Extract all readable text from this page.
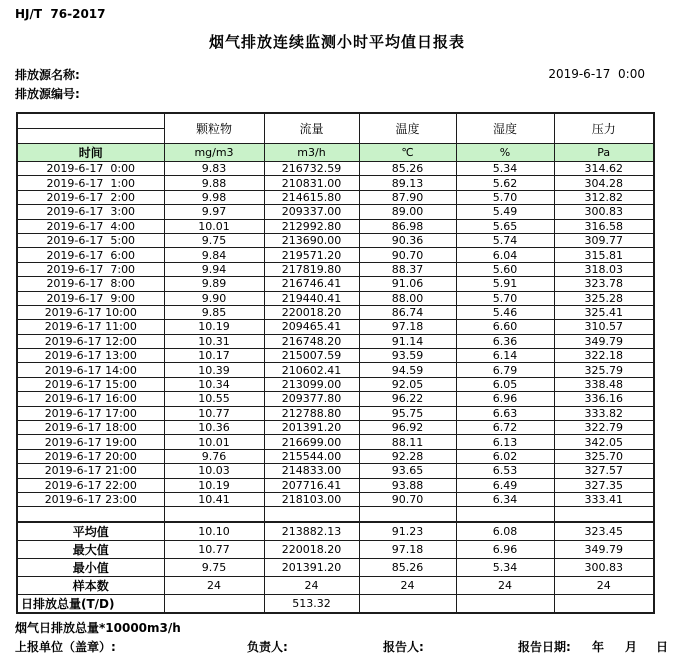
HJ/T  76-2017
烟气排放连续监测小时平均值日报表
排放源名称:
排放源编号:
2019-6-17  0:00
	颗粒物	流量	温度	湿度	压力

时间	mg/m3	m3/h	℃	%	Pa
2019-6-17  0:00	9.83	216732.59	85.26	5.34	314.62
2019-6-17  1:00	9.88	210831.00	89.13	5.62	304.28
2019-6-17  2:00	9.98	214615.80	87.90	5.70	312.82
2019-6-17  3:00	9.97	209337.00	89.00	5.49	300.83
2019-6-17  4:00	10.01	212992.80	86.98	5.65	316.58
2019-6-17  5:00	9.75	213690.00	90.36	5.74	309.77
2019-6-17  6:00	9.84	219571.20	90.70	6.04	315.81
2019-6-17  7:00	9.94	217819.80	88.37	5.60	318.03
2019-6-17  8:00	9.89	216746.41	91.06	5.91	323.78
2019-6-17  9:00	9.90	219440.41	88.00	5.70	325.28
2019-6-17 10:00	9.85	220018.20	86.74	5.46	325.41
2019-6-17 11:00	10.19	209465.41	97.18	6.60	310.57
2019-6-17 12:00	10.31	216748.20	91.14	6.36	349.79
2019-6-17 13:00	10.17	215007.59	93.59	6.14	322.18
2019-6-17 14:00	10.39	210602.41	94.59	6.79	325.79
2019-6-17 15:00	10.34	213099.00	92.05	6.05	338.48
2019-6-17 16:00	10.55	209377.80	96.22	6.96	336.16
2019-6-17 17:00	10.77	212788.80	95.75	6.63	333.82
2019-6-17 18:00	10.36	201391.20	96.92	6.72	322.79
2019-6-17 19:00	10.01	216699.00	88.11	6.13	342.05
2019-6-17 20:00	9.76	215544.00	92.28	6.02	325.70
2019-6-17 21:00	10.03	214833.00	93.65	6.53	327.57
2019-6-17 22:00	10.19	207716.41	93.88	6.49	327.35
2019-6-17 23:00	10.41	218103.00	90.70	6.34	333.41

平均值	10.10	213882.13	91.23	6.08	323.45
最大值	10.77	220018.20	97.18	6.96	349.79
最小值	9.75	201391.20	85.26	5.34	300.83
样本数	24	24	24	24	24
日排放总量(T/D)		513.32			
烟气日排放总量*10000m3/h
上报单位（盖章）:	负责人:	报告人:	报告日期: 年 月 日
